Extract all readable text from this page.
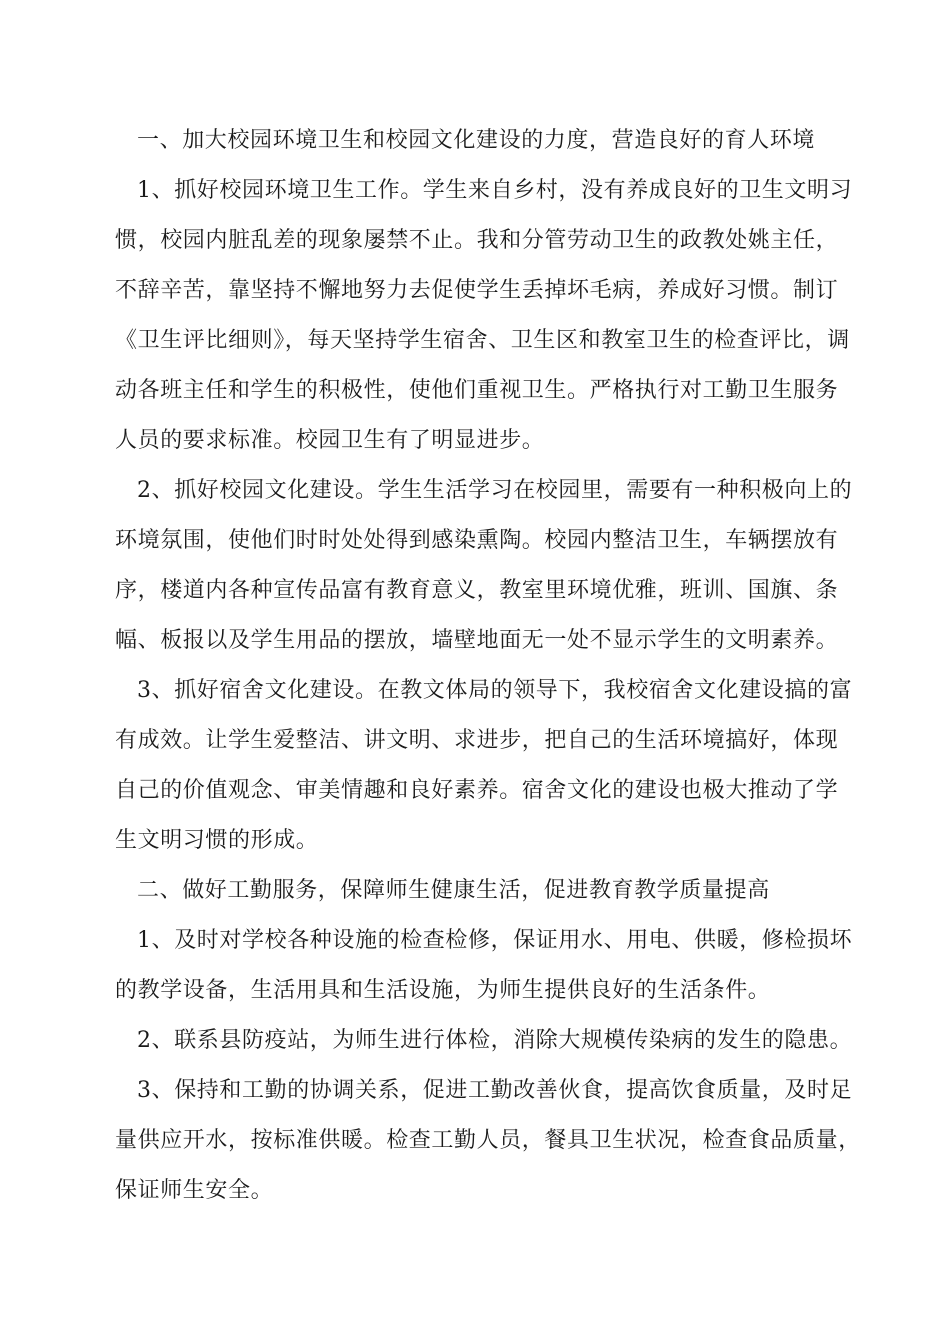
一、加大校园环境卫生和校园文化建设的力度，营造良好的育人环境

1、抓好校园环境卫生工作。学生来自乡村，没有养成良好的卫生文明习
惯，校园内脏乱差的现象屡禁不止。我和分管劳动卫生的政教处姚主任，
不辞辛苦，靠坚持不懈地努力去促使学生丢掉坏毛病，养成好习惯。制订
《卫生评比细则》，每天坚持学生宿舍、卫生区和教室卫生的检查评比，调
动各班主任和学生的积极性，使他们重视卫生。严格执行对工勤卫生服务
人员的要求标准。校园卫生有了明显进步。
2、抓好校园文化建设。学生生活学习在校园里，需要有一种积极向上的
环境氛围，使他们时时处处得到感染熏陶。校园内整洁卫生，车辆摆放有
序，楼道内各种宣传品富有教育意义，教室里环境优雅，班训、国旗、条
幅、板报以及学生用品的摆放，墙壁地面无一处不显示学生的文明素养。
3、抓好宿舍文化建设。在教文体局的领导下，我校宿舍文化建设搞的富
有成效。让学生爱整洁、讲文明、求进步，把自己的生活环境搞好，体现
自己的价值观念、审美情趣和良好素养。宿舍文化的建设也极大推动了学
生文明习惯的形成。

二、做好工勤服务，保障师生健康生活，促进教育教学质量提高

1、及时对学校各种设施的检查检修，保证用水、用电、供暖，修检损坏
的教学设备，生活用具和生活设施，为师生提供良好的生活条件。
2、联系县防疫站，为师生进行体检，消除大规模传染病的发生的隐患。
3、保持和工勤的协调关系，促进工勤改善伙食，提高饮食质量，及时足
量供应开水，按标准供暖。检查工勤人员，餐具卫生状况，检查食品质量，
保证师生安全。
